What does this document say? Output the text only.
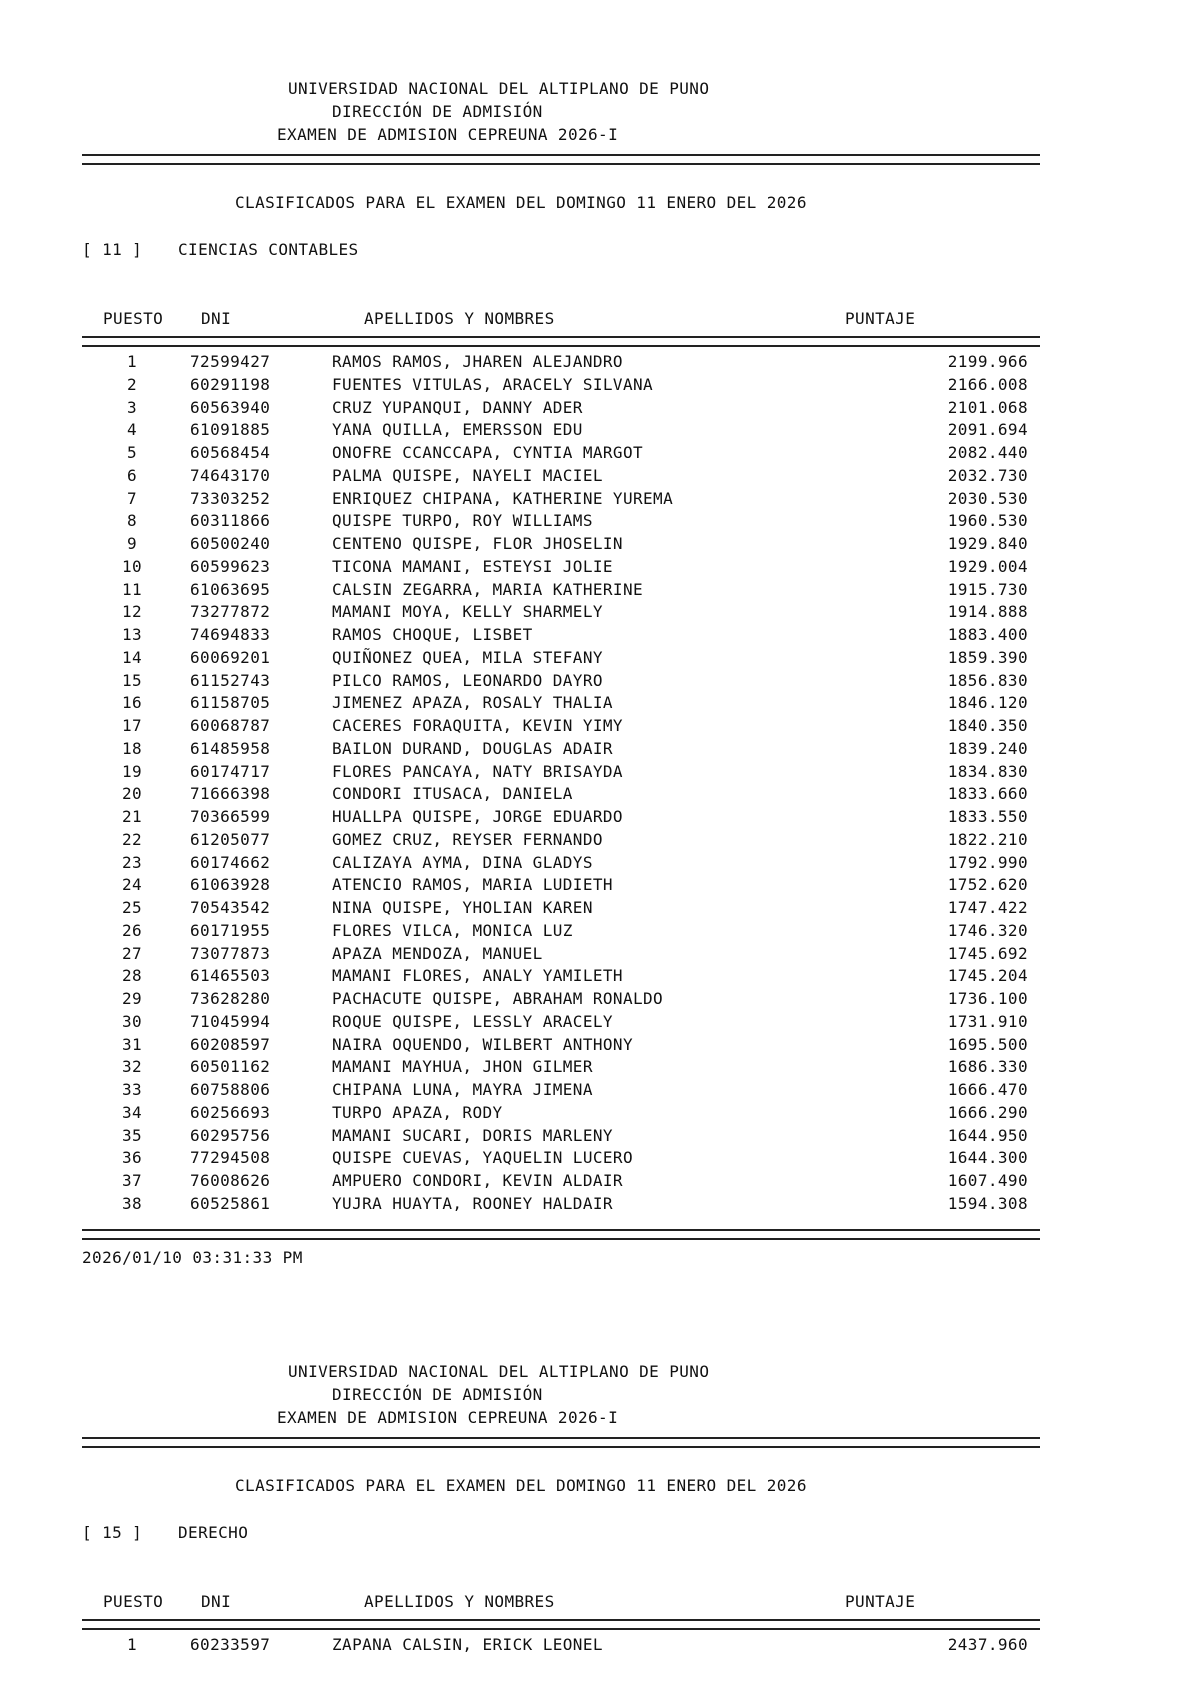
UNIVERSIDAD NACIONAL DEL ALTIPLANO DE PUNO
DIRECCIÓN DE ADMISIÓN
EXAMEN DE ADMISION CEPREUNA 2026-I
CLASIFICADOS PARA EL EXAMEN DEL DOMINGO 11 ENERO DEL 2026
[ 11 ] CIENCIAS CONTABLES
PUESTO DNI	APELLIDOS Y NOMBRES	PUNTAJE
1	72599427	RAMOS RAMOS, JHAREN ALEJANDRO	2199.966
2	60291198	FUENTES VITULAS, ARACELY SILVANA	2166.008
3	60563940	CRUZ YUPANQUI, DANNY ADER	2101.068
4	61091885	YANA QUILLA, EMERSSON EDU	2091.694
5	60568454	ONOFRE CCANCCAPA, CYNTIA MARGOT	2082.440
6	74643170	PALMA QUISPE, NAYELI MACIEL	2032.730
7	73303252	ENRIQUEZ CHIPANA, KATHERINE YUREMA	2030.530
8	60311866	QUISPE TURPO, ROY WILLIAMS	1960.530
9	60500240	CENTENO QUISPE, FLOR JHOSELIN	1929.840
10	60599623	TICONA MAMANI, ESTEYSI JOLIE	1929.004
11	61063695	CALSIN ZEGARRA, MARIA KATHERINE	1915.730
12	73277872	MAMANI MOYA, KELLY SHARMELY	1914.888
13	74694833	RAMOS CHOQUE, LISBET	1883.400
14	60069201	QUIÑONEZ QUEA, MILA STEFANY	1859.390
15	61152743	PILCO RAMOS, LEONARDO DAYRO	1856.830
16	61158705	JIMENEZ APAZA, ROSALY THALIA	1846.120
17	60068787	CACERES FORAQUITA, KEVIN YIMY	1840.350
18	61485958	BAILON DURAND, DOUGLAS ADAIR	1839.240
19	60174717	FLORES PANCAYA, NATY BRISAYDA	1834.830
20	71666398	CONDORI ITUSACA, DANIELA	1833.660
21	70366599	HUALLPA QUISPE, JORGE EDUARDO	1833.550
22	61205077	GOMEZ CRUZ, REYSER FERNANDO	1822.210
23	60174662	CALIZAYA AYMA, DINA GLADYS	1792.990
24	61063928	ATENCIO RAMOS, MARIA LUDIETH	1752.620
25	70543542	NINA QUISPE, YHOLIAN KAREN	1747.422
26	60171955	FLORES VILCA, MONICA LUZ	1746.320
27	73077873	APAZA MENDOZA, MANUEL	1745.692
28	61465503	MAMANI FLORES, ANALY YAMILETH	1745.204
29	73628280	PACHACUTE QUISPE, ABRAHAM RONALDO	1736.100
30	71045994	ROQUE QUISPE, LESSLY ARACELY	1731.910
31	60208597	NAIRA OQUENDO, WILBERT ANTHONY	1695.500
32	60501162	MAMANI MAYHUA, JHON GILMER	1686.330
33	60758806	CHIPANA LUNA, MAYRA JIMENA	1666.470
34	60256693	TURPO APAZA, RODY	1666.290
35	60295756	MAMANI SUCARI, DORIS MARLENY	1644.950
36	77294508	QUISPE CUEVAS, YAQUELIN LUCERO	1644.300
37	76008626	AMPUERO CONDORI, KEVIN ALDAIR	1607.490
38	60525861	YUJRA HUAYTA, ROONEY HALDAIR	1594.308
2026/01/10 03:31:33 PM
UNIVERSIDAD NACIONAL DEL ALTIPLANO DE PUNO
DIRECCIÓN DE ADMISIÓN
EXAMEN DE ADMISION CEPREUNA 2026-I
CLASIFICADOS PARA EL EXAMEN DEL DOMINGO 11 ENERO DEL 2026
[ 15 ] DERECHO
PUESTO DNI	APELLIDOS Y NOMBRES	PUNTAJE
1	60233597	ZAPANA CALSIN, ERICK LEONEL	2437.960
